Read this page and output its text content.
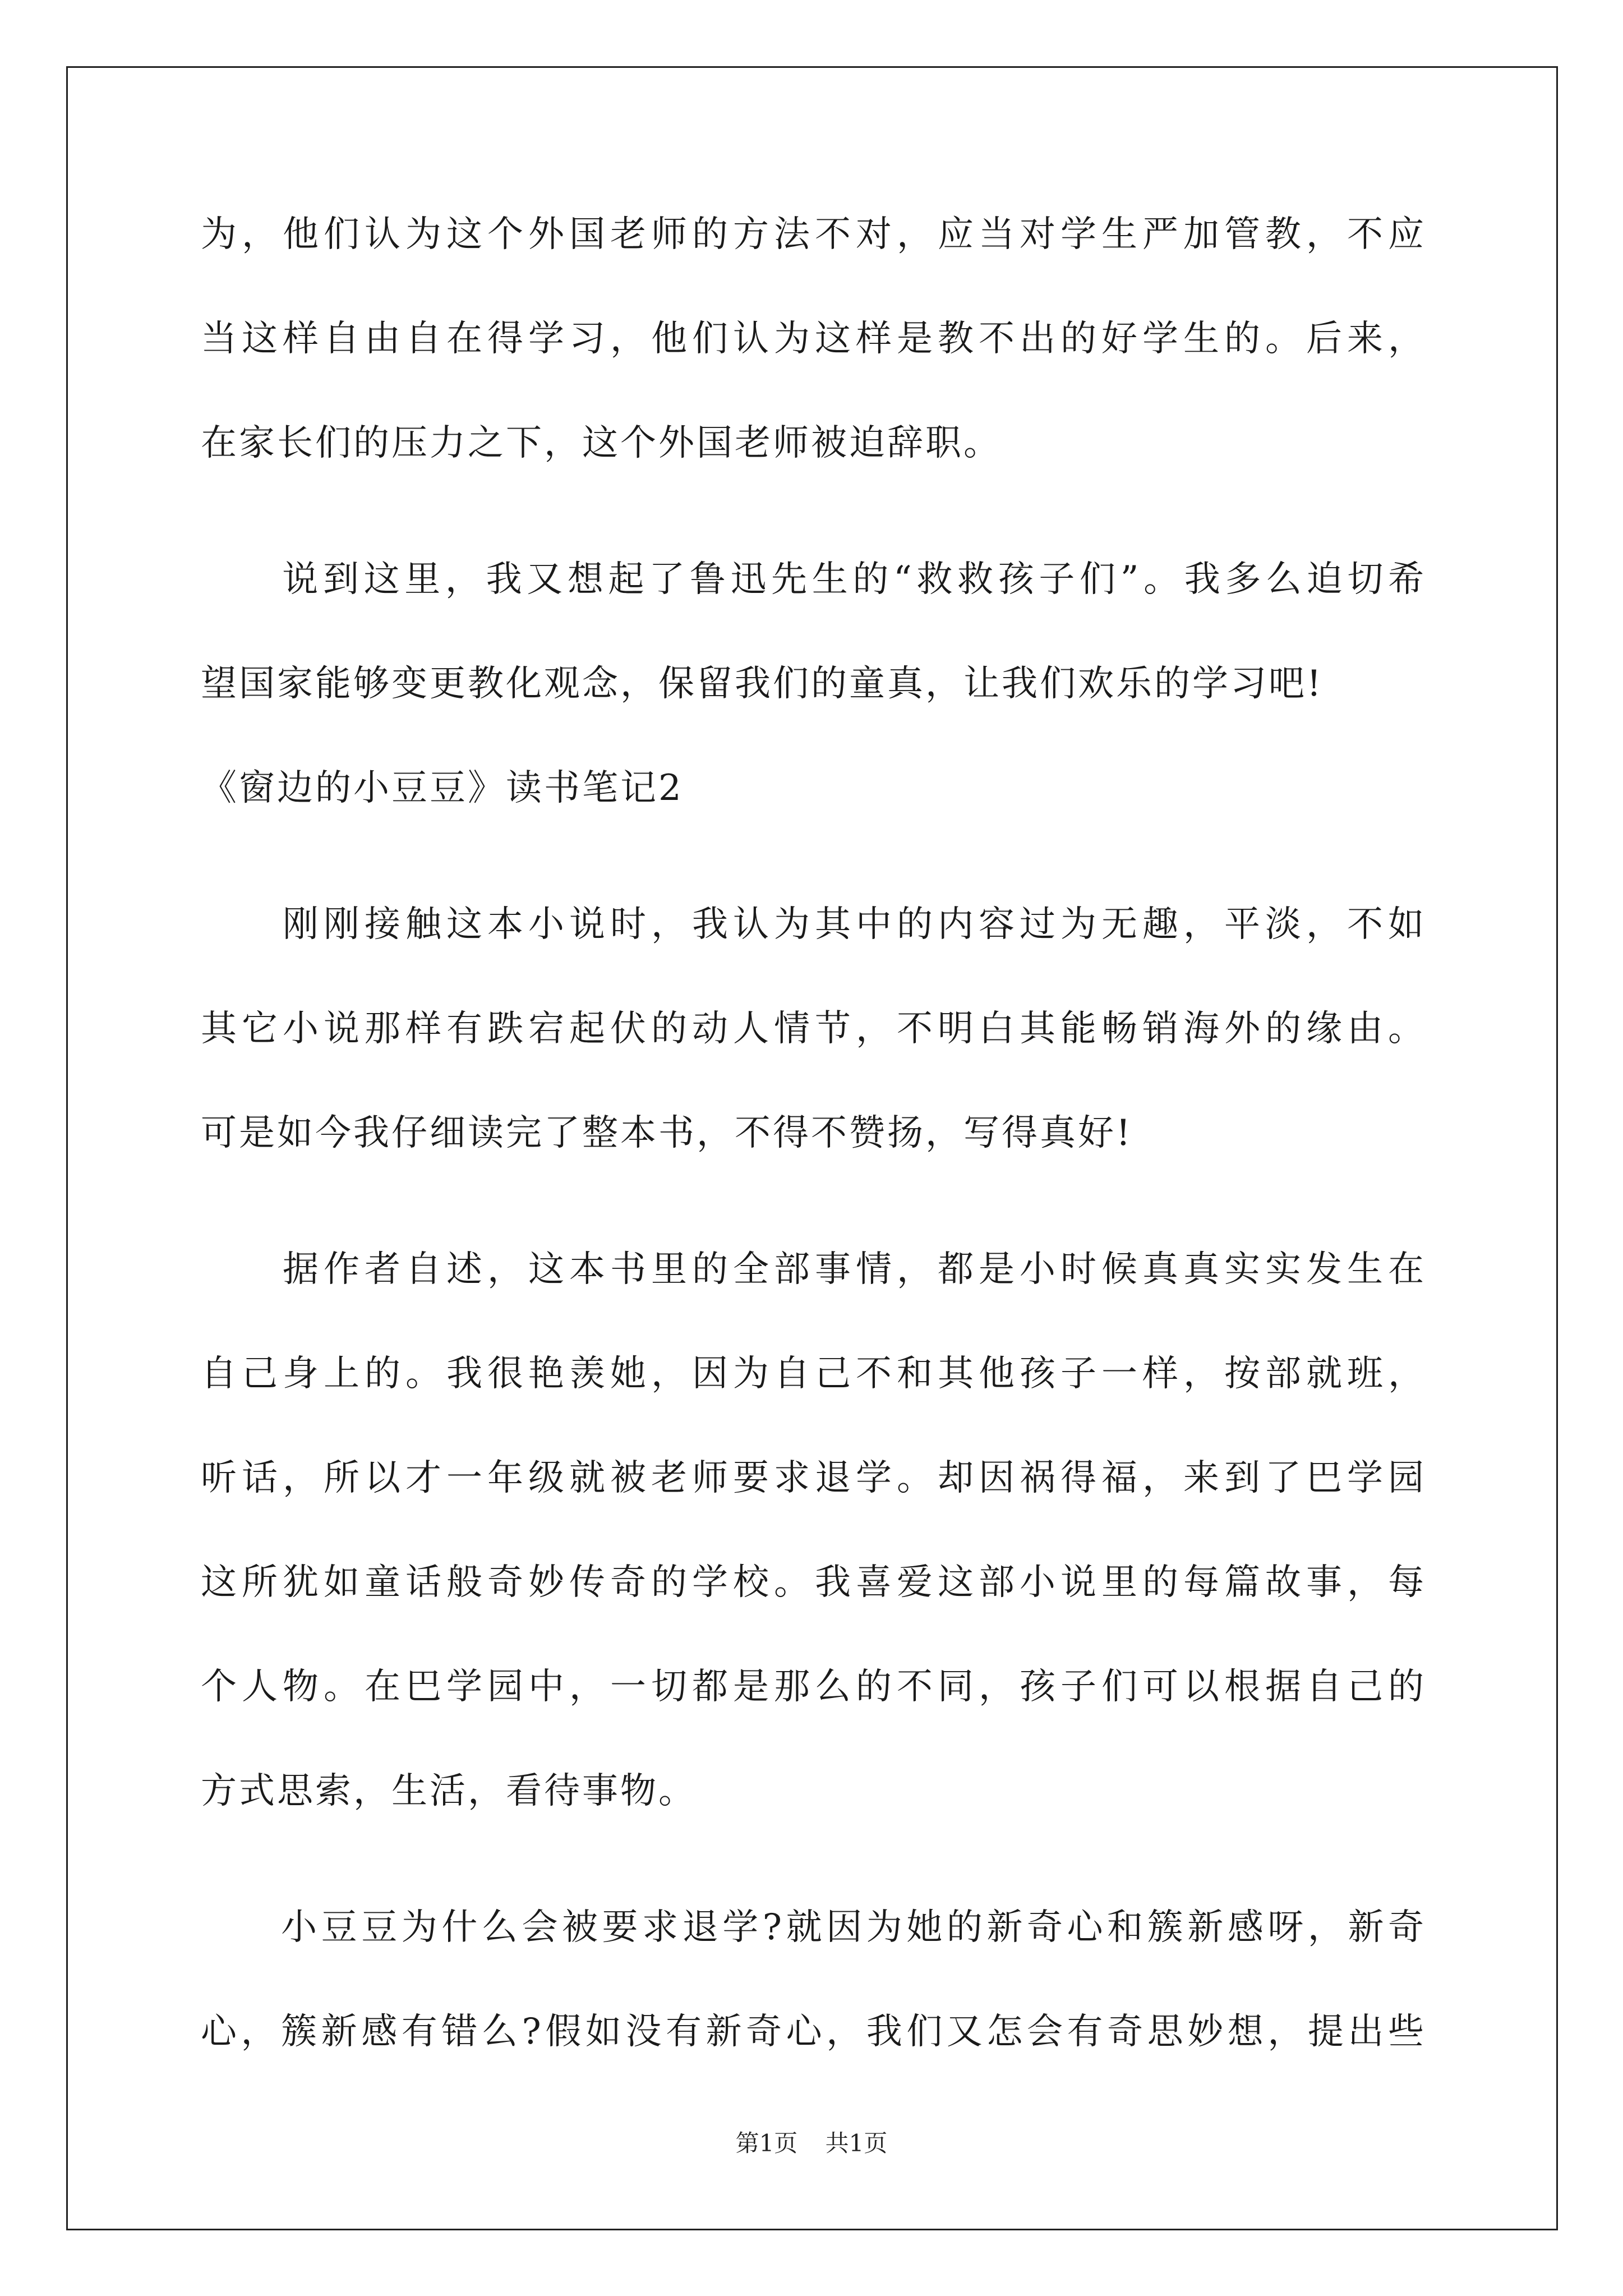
为，他们认为这个外国老师的方法不对，应当对学生严加管教，不应
当这样自由自在得学习，他们认为这样是教不出的好学生的。后来，
在家长们的压力之下，这个外国老师被迫辞职。
　　说到这里，我又想起了鲁迅先生的“救救孩子们”。我多么迫切希
望国家能够变更教化观念，保留我们的童真，让我们欢乐的学习吧!
《窗边的小豆豆》读书笔记2
　　刚刚接触这本小说时，我认为其中的内容过为无趣，平淡，不如
其它小说那样有跌宕起伏的动人情节，不明白其能畅销海外的缘由。
可是如今我仔细读完了整本书，不得不赞扬，写得真好!
　　据作者自述，这本书里的全部事情，都是小时候真真实实发生在
自己身上的。我很艳羡她，因为自己不和其他孩子一样，按部就班，
听话，所以才一年级就被老师要求退学。却因祸得福，来到了巴学园
这所犹如童话般奇妙传奇的学校。我喜爱这部小说里的每篇故事，每
个人物。在巴学园中，一切都是那么的不同，孩子们可以根据自己的
方式思索，生活，看待事物。
　　小豆豆为什么会被要求退学?就因为她的新奇心和簇新感呀，新奇
心，簇新感有错么?假如没有新奇心，我们又怎会有奇思妙想，提出些
第1页 共1页
